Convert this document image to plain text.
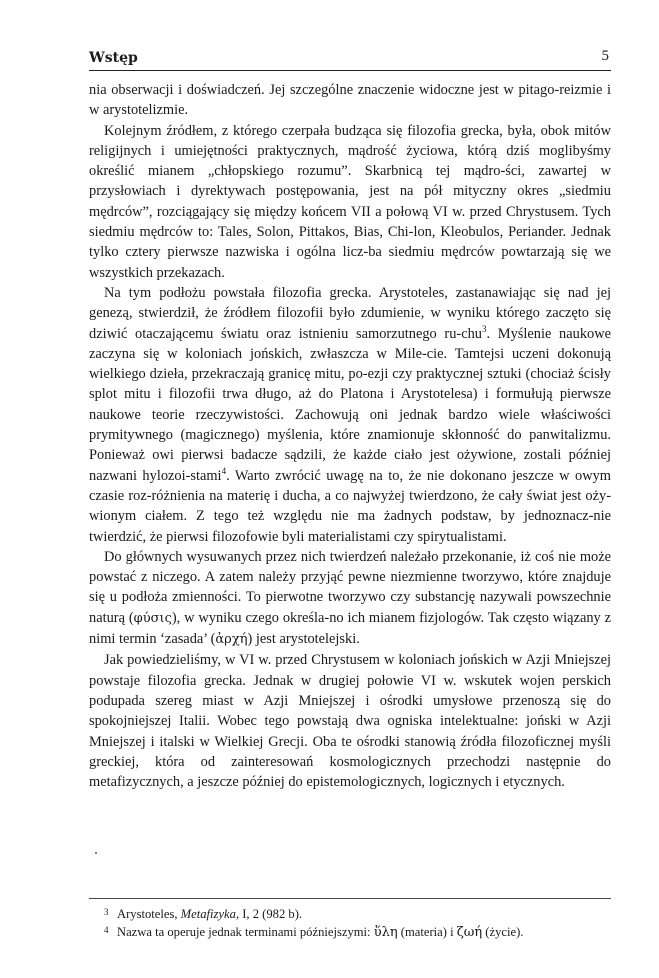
Wstęp	5

nia obserwacji i doświadczeń. Jej szczególne znaczenie widoczne jest w pitago-reizmie i w arystotelizmie.

Kolejnym źródłem, z którego czerpała budząca się filozofia grecka, była, obok mitów religijnych i umiejętności praktycznych, mądrość życiowa, którą dziś moglibyśmy określić mianem „chłopskiego rozumu”. Skarbnicą tej mądro-ści, zawartej w przysłowiach i dyrektywach postępowania, jest na pół mityczny okres „siedmiu mędrców”, rozciągający się między końcem VII a połową VI w. przed Chrystusem. Tych siedmiu mędrców to: Tales, Solon, Pittakos, Bias, Chi-lon, Kleobulos, Periander. Jednak tylko cztery pierwsze nazwiska i ogólna licz-ba siedmiu mędrców powtarzają się we wszystkich przekazach.

Na tym podłożu powstała filozofia grecka. Arystoteles, zastanawiając się nad jej genezą, stwierdził, że źródłem filozofii było zdumienie, w wyniku którego zaczęto się dziwić otaczającemu światu oraz istnieniu samorzutnego ru-chu$^3$. Myślenie naukowe zaczyna się w koloniach jońskich, zwłaszcza w Mile-cie. Tamtejsi uczeni dokonują wielkiego dzieła, przekraczają granicę mitu, po-ezji czy praktycznej sztuki (chociaż ścisły splot mitu i filozofii trwa długo, aż do Platona i Arystotelesa) i formułują pierwsze naukowe teorie rzeczywistości. Zachowują oni jednak bardzo wiele właściwości prymitywnego (magicznego) myślenia, które znamionuje skłonność do panwitalizmu. Ponieważ owi pierwsi badacze sądzili, że każde ciało jest ożywione, zostali później nazwani hylozoi-stami$^4$. Warto zwrócić uwagę na to, że nie dokonano jeszcze w owym czasie roz-różnienia na materię i ducha, a co najwyżej twierdzono, że cały świat jest oży-wionym ciałem. Z tego też względu nie ma żadnych podstaw, by jednoznacz-nie twierdzić, że pierwsi filozofowie byli materialistami czy spirytualistami.

Do głównych wysuwanych przez nich twierdzeń należało przekonanie, iż coś nie może powstać z niczego. A zatem należy przyjąć pewne niezmienne tworzywo, które znajduje się u podłoża zmienności. To pierwotne tworzywo czy substancję nazywali powszechnie naturą (φύσις), w wyniku czego określa-no ich mianem fizjologów. Tak często wiązany z nimi termin ‘zasada’ (ἀρχή) jest arystotelejski.

Jak powiedzieliśmy, w VI w. przed Chrystusem w koloniach jońskich w Azji Mniejszej powstaje filozofia grecka. Jednak w drugiej połowie VI w. wskutek wojen perskich podupada szereg miast w Azji Mniejszej i ośrodki umysłowe przenoszą się do spokojniejszej Italii. Wobec tego powstają dwa ogniska intelektualne: joński w Azji Mniejszej i italski w Wielkiej Grecji. Oba te ośrodki stanowią źródła filozoficznej myśli greckiej, która od zainteresowań kosmologicznych przechodzi następnie do metafizycznych, a jeszcze później do epistemologicznych, logicznych i etycznych.

3 Arystoteles, Metafizyka, I, 2 (982 b).
4 Nazwa ta operuje jednak terminami późniejszymi: ὕλη (materia) i ζωή (życie).
